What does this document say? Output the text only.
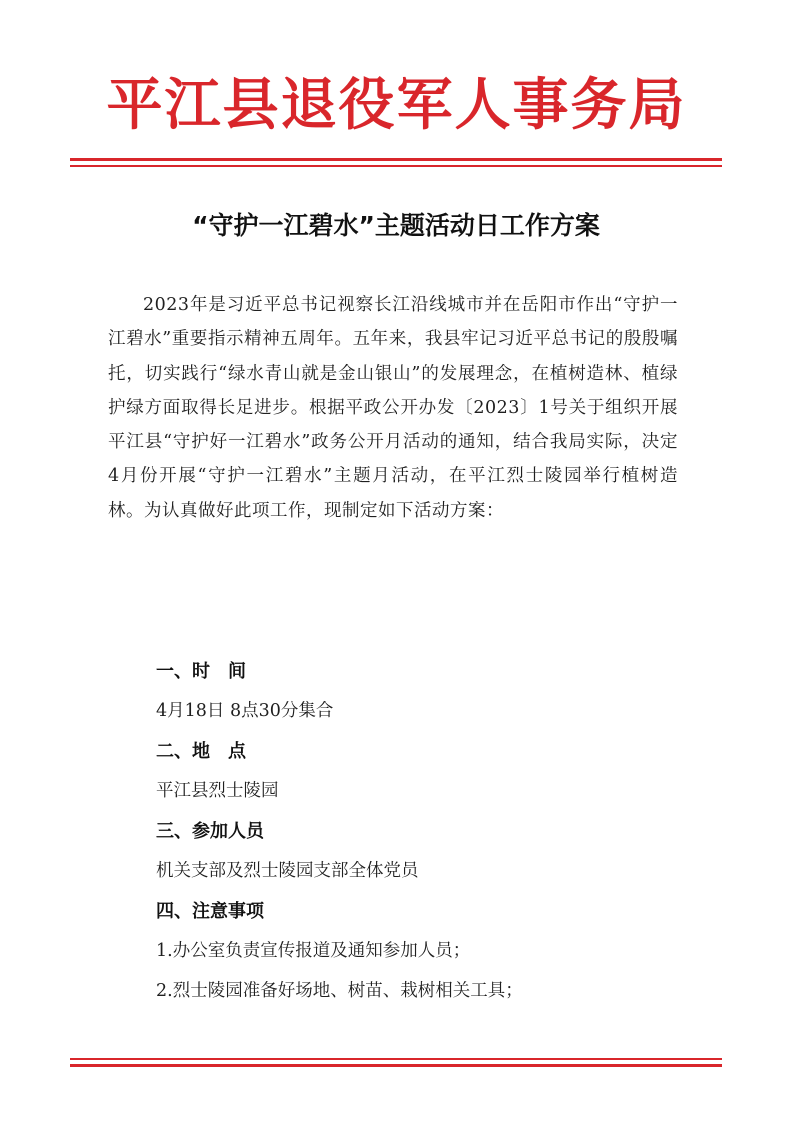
平江县退役军人事务局
“守护一江碧水”主题活动日工作方案

2023年是习近平总书记视察长江沿线城市并在岳阳市作出“守护一江碧水”重要指示精神五周年。五年来，我县牢记习近平总书记的殷殷嘱托，切实践行“绿水青山就是金山银山”的发展理念，在植树造林、植绿护绿方面取得长足进步。根据平政公开办发〔2023〕1号关于组织开展平江县“守护好一江碧水”政务公开月活动的通知，结合我局实际，决定4月份开展“守护一江碧水”主题月活动，在平江烈士陵园举行植树造林。为认真做好此项工作，现制定如下活动方案：

一、时　间
4月18日 8点30分集合
二、地　点
平江县烈士陵园
三、参加人员
机关支部及烈士陵园支部全体党员
四、注意事项
1.办公室负责宣传报道及通知参加人员；
2.烈士陵园准备好场地、树苗、栽树相关工具；
